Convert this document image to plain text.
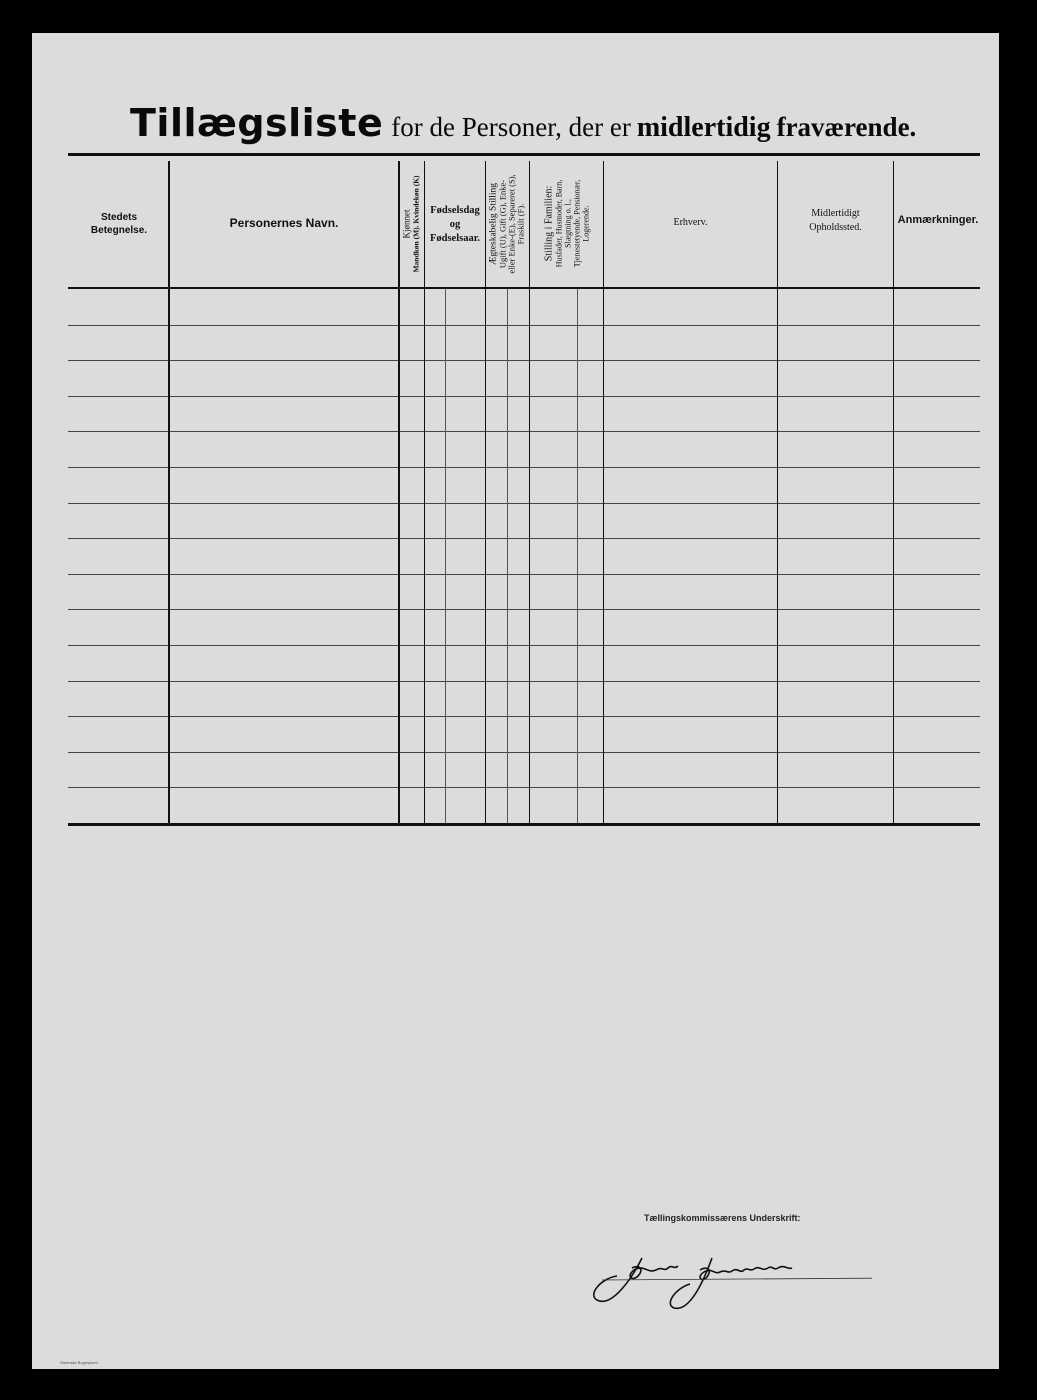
Tillægsliste for de Personer, der er midlertidig fraværende.
Stedets
Betegnelse.
Personernes Navn.	Kjønnet Mandkøn (M). Kvindekøn (K) Fødselsdag
og
Fødselsaar. Ægteskabelig Stilling Ugift (U), Gift (G), Enke- eller Enke-(E), Separeret (S), Fraskilt (F). Stilling i Familien: Husfader, Husmoder, Barn, Slægtning o. l., Tjenestetyende, Pensionær, Logerende.	Erhverv.
Midlertidigt
Opholdssted.
Anmærkninger.
Tællingskommissærens Underskrift:
Steenske Bogtrykkeri
